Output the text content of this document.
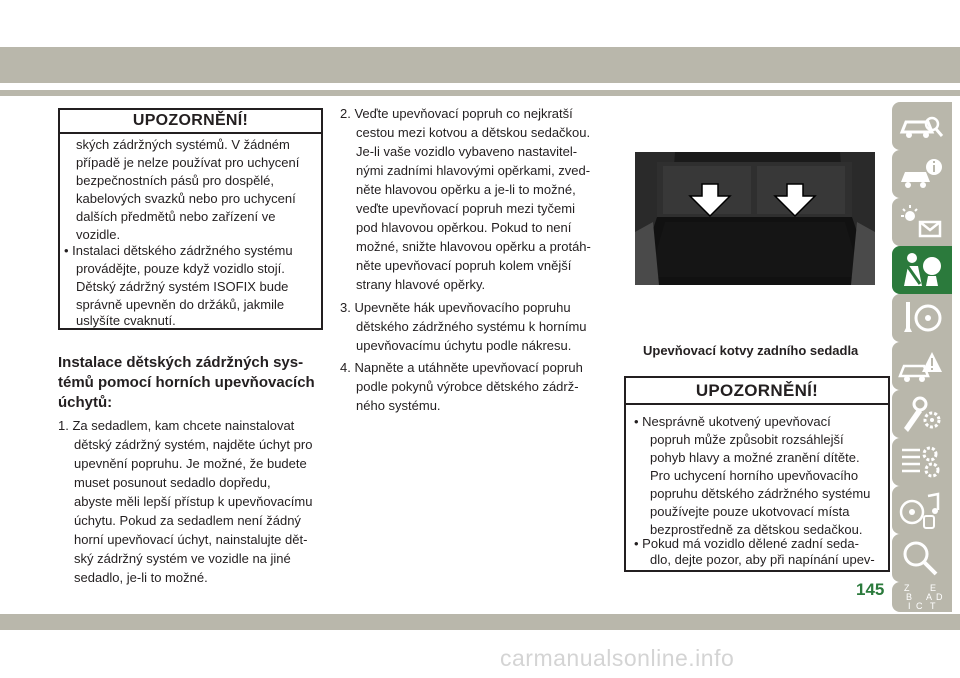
UPOZORNĚNÍ!
ských zádržných systémů. V žádném
případě je nelze používat pro uchycení
bezpečnostních pásů pro dospělé,
kabelových svazků nebo pro uchycení
dalších předmětů nebo zařízení ve
vozidle.
• Instalaci dětského zádržného systému
provádějte, pouze když vozidlo stojí.
Dětský zádržný systém ISOFIX bude
správně upevněn do držáků, jakmile
uslyšíte cvaknutí.
Instalace dětských zádržných sys-
témů pomocí horních upevňovacích
úchytů:
1. Za sedadlem, kam chcete nainstalovat
dětský zádržný systém, najděte úchyt pro
upevnění popruhu. Je možné, že budete
muset posunout sedadlo dopředu,
abyste měli lepší přístup k upevňovacímu
úchytu. Pokud za sedadlem není žádný
horní upevňovací úchyt, nainstalujte dět-
ský zádržný systém ve vozidle na jiné
sedadlo, je-li to možné.
2. Veďte upevňovací popruh co nejkratší
cestou mezi kotvou a dětskou sedačkou.
Je-li vaše vozidlo vybaveno nastavitel-
nými zadními hlavovými opěrkami, zved-
něte hlavovou opěrku a je-li to možné,
veďte upevňovací popruh mezi tyčemi
pod hlavovou opěrkou. Pokud to není
možné, snižte hlavovou opěrku a protáh-
něte upevňovací popruh kolem vnější
strany hlavové opěrky.
3. Upevněte hák upevňovacího popruhu
dětského zádržného systému k hornímu
upevňovacímu úchytu podle nákresu.
4. Napněte a utáhněte upevňovací popruh
podle pokynů výrobce dětského zádrž-
ného systému.
Upevňovací kotvy zadního sedadla
UPOZORNĚNÍ!
• Nesprávně ukotvený upevňovací
popruh může způsobit rozsáhlejší
pohyb hlavy a možné zranění dítěte.
Pro uchycení horního upevňovacího
popruhu dětského zádržného systému
používejte pouze ukotvovací místa
bezprostředně za dětskou sedačkou.
• Pokud má vozidlo dělené zadní seda-
dlo, dejte pozor, aby při napínání upev-
Z E
B A D
I C T
145
carmanualsonline.info
